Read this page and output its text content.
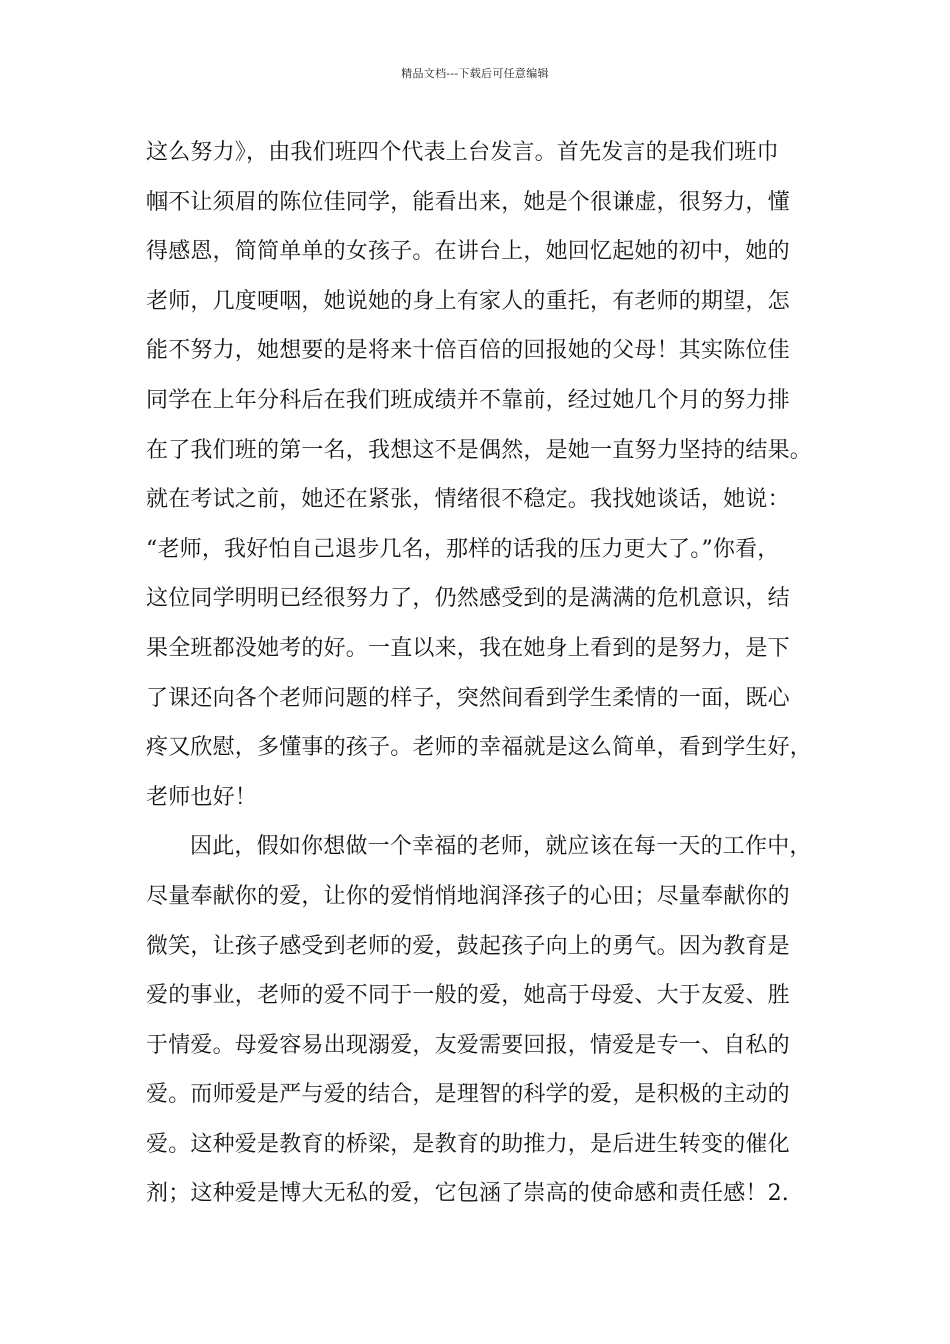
精品文档---下载后可任意编辑
这么努力》，由我们班四个代表上台发言。首先发言的是我们班巾
帼不让须眉的陈位佳同学，能看出来，她是个很谦虚，很努力，懂
得感恩，简简单单的女孩子。在讲台上，她回忆起她的初中，她的
老师，几度哽咽，她说她的身上有家人的重托，有老师的期望，怎
能不努力，她想要的是将来十倍百倍的回报她的父母！其实陈位佳
同学在上年分科后在我们班成绩并不靠前，经过她几个月的努力排
在了我们班的第一名，我想这不是偶然，是她一直努力坚持的结果。
就在考试之前，她还在紧张，情绪很不稳定。我找她谈话，她说：
“老师，我好怕自己退步几名，那样的话我的压力更大了。”你看，
这位同学明明已经很努力了，仍然感受到的是满满的危机意识，结
果全班都没她考的好。一直以来，我在她身上看到的是努力，是下
了课还向各个老师问题的样子，突然间看到学生柔情的一面，既心
疼又欣慰，多懂事的孩子。老师的幸福就是这么简单，看到学生好，
老师也好！
因此，假如你想做一个幸福的老师，就应该在每一天的工作中，
尽量奉献你的爱，让你的爱悄悄地润泽孩子的心田；尽量奉献你的
微笑，让孩子感受到老师的爱，鼓起孩子向上的勇气。因为教育是
爱的事业，老师的爱不同于一般的爱，她高于母爱、大于友爱、胜
于情爱。母爱容易出现溺爱，友爱需要回报，情爱是专一、自私的
爱。而师爱是严与爱的结合，是理智的科学的爱，是积极的主动的
爱。这种爱是教育的桥梁，是教育的助推力，是后进生转变的催化
剂；这种爱是博大无私的爱，它包涵了崇高的使命感和责任感！2.
